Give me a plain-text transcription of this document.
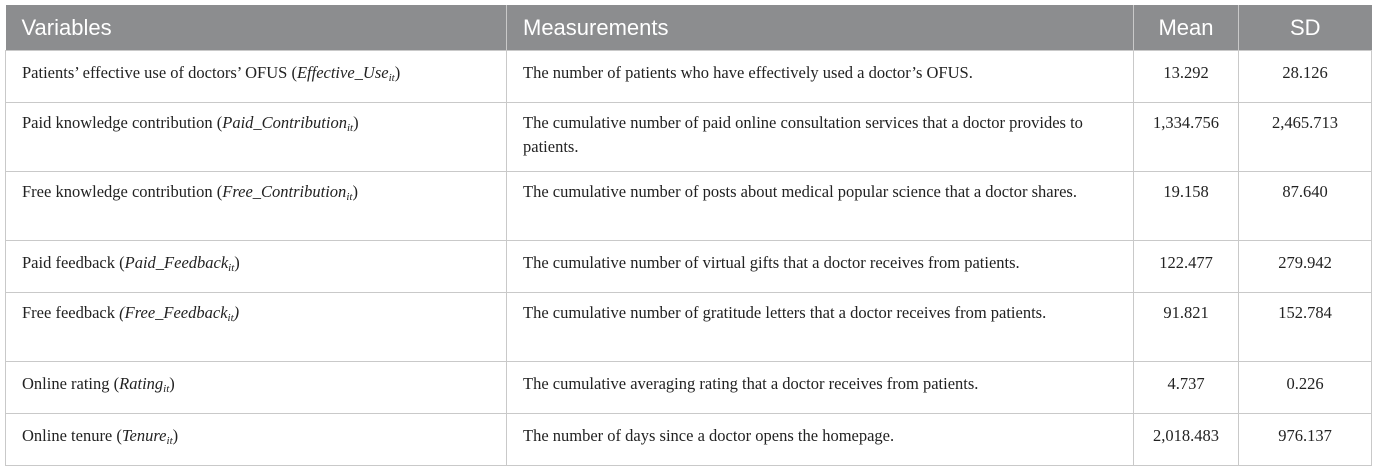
Variables	Measurements	Mean	SD
Patients’ effective use of doctors’ OFUS (Effective_Use$_{it}$)	The number of patients who have effectively used a doctor’s OFUS.	13.292	28.126
Paid knowledge contribution (Paid_Contribution$_{it}$)	The cumulative number of paid online consultation services that a doctor provides to patients.	1,334.756	2,465.713
Free knowledge contribution (Free_Contribution$_{it}$)	The cumulative number of posts about medical popular science that a doctor shares.	19.158	87.640
Paid feedback (Paid_Feedback$_{it}$)	The cumulative number of virtual gifts that a doctor receives from patients.	122.477	279.942
Free feedback (Free_Feedback$_{it}$)	The cumulative number of gratitude letters that a doctor receives from patients.	91.821	152.784
Online rating (Rating$_{it}$)	The cumulative averaging rating that a doctor receives from patients.	4.737	0.226
Online tenure (Tenure$_{it}$)	The number of days since a doctor opens the homepage.	2,018.483	976.137
